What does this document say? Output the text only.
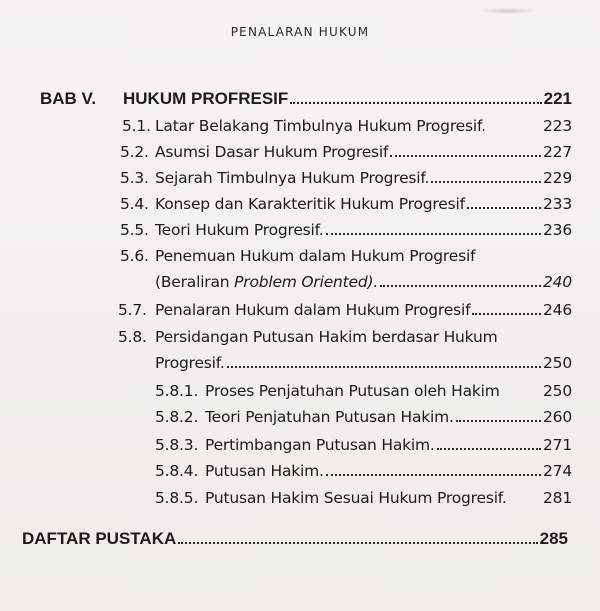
PENALARAN HUKUM
BAB V.	HUKUM PROFRESIF	221
5.1. Latar Belakang Timbulnya Hukum Progresif.	223
5.2. Asumsi Dasar Hukum Progresif	227
5.3. Sejarah Timbulnya Hukum Progresif.	229
5.4. Konsep dan Karakteritik Hukum Progresif	233
5.5. Teori Hukum Progresif.	236
5.6. Penemuan Hukum dalam Hukum Progresif
(Beraliran Problem Oriented).	240
5.7. Penalaran Hukum dalam Hukum Progresif	246
5.8. Persidangan Putusan Hakim berdasar Hukum
Progresif.	250
5.8.1. Proses Penjatuhan Putusan oleh Hakim	250
5.8.2. Teori Penjatuhan Putusan Hakim.	260
5.8.3. Pertimbangan Putusan Hakim.	271
5.8.4. Putusan Hakim.	274
5.8.5. Putusan Hakim Sesuai Hukum Progresif. 281
DAFTAR PUSTAKA	285
